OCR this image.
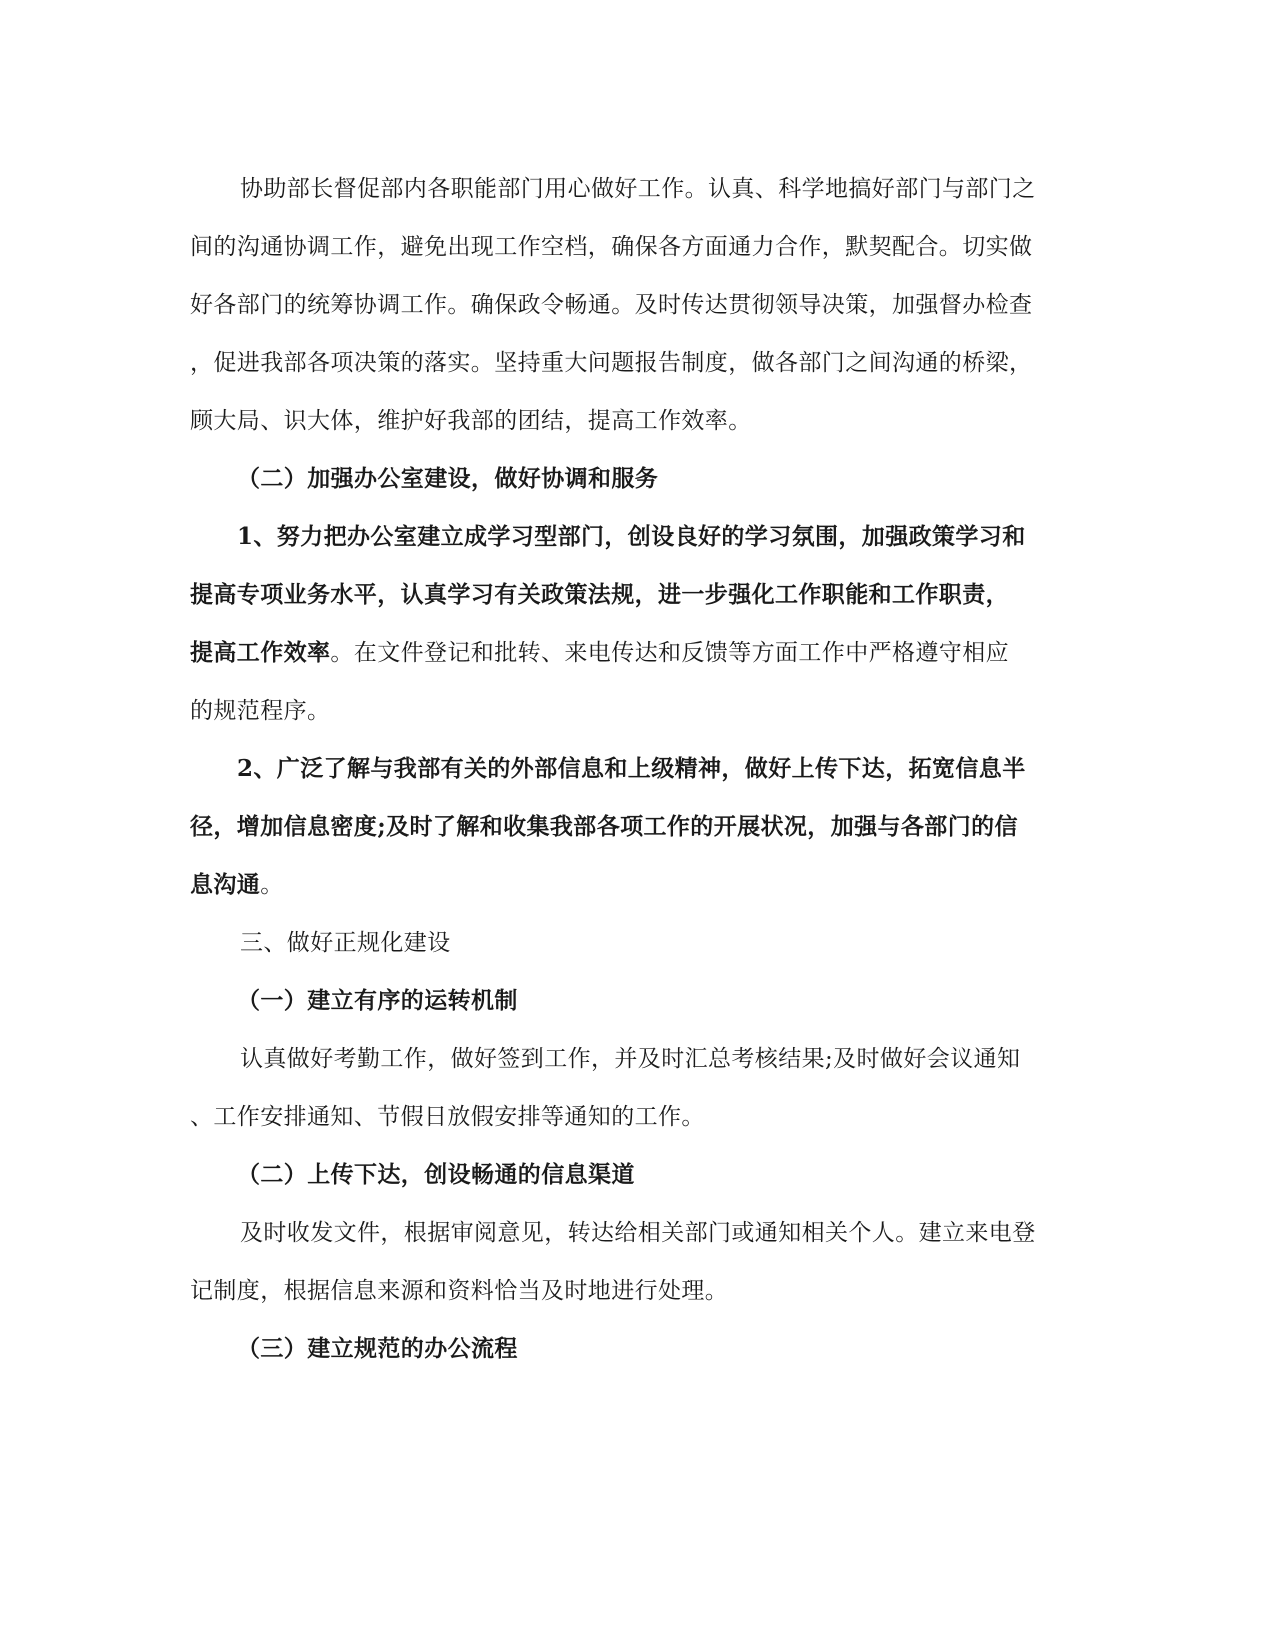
协助部长督促部内各职能部门用心做好工作。认真、科学地搞好部门与部门之
间的沟通协调工作，避免出现工作空档，确保各方面通力合作，默契配合。切实做
好各部门的统筹协调工作。确保政令畅通。及时传达贯彻领导决策，加强督办检查
，促进我部各项决策的落实。坚持重大问题报告制度，做各部门之间沟通的桥梁，
顾大局、识大体，维护好我部的团结，提高工作效率。
（二）加强办公室建设，做好协调和服务
1、努力把办公室建立成学习型部门，创设良好的学习氛围，加强政策学习和
提高专项业务水平，认真学习有关政策法规，进一步强化工作职能和工作职责，
提高工作效率。在文件登记和批转、来电传达和反馈等方面工作中严格遵守相应
的规范程序。
2、广泛了解与我部有关的外部信息和上级精神，做好上传下达，拓宽信息半
径，增加信息密度;及时了解和收集我部各项工作的开展状况，加强与各部门的信
息沟通。
三、做好正规化建设
（一）建立有序的运转机制
认真做好考勤工作，做好签到工作，并及时汇总考核结果;及时做好会议通知
、工作安排通知、节假日放假安排等通知的工作。
（二）上传下达，创设畅通的信息渠道
及时收发文件，根据审阅意见，转达给相关部门或通知相关个人。建立来电登
记制度，根据信息来源和资料恰当及时地进行处理。
（三）建立规范的办公流程
